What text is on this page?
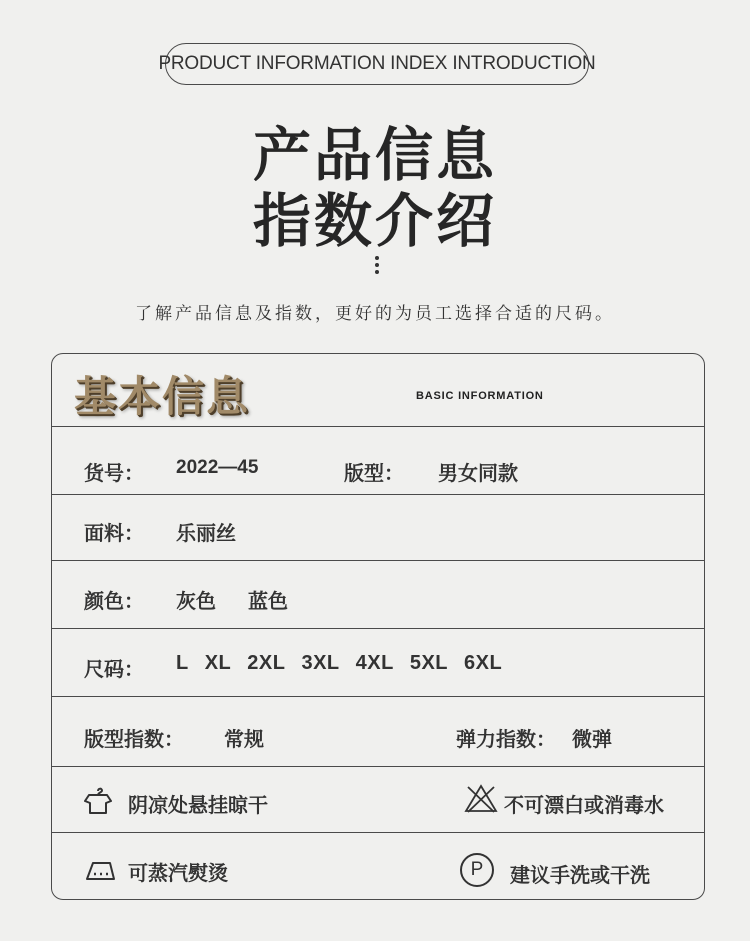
PRODUCT INFORMATION INDEX INTRODUCTION
产品信息
指数介绍
了解产品信息及指数，更好的为员工选择合适的尺码。
基本信息	BASIC INFORMATION
货号： 2022—45	版型： 男女同款
面料： 乐丽丝
颜色： 灰色 蓝色
尺码： L XL 2XL 3XL 4XL 5XL 6XL
版型指数： 常规	弹力指数： 微弹
阴凉处悬挂晾干	不可漂白或消毒水
可蒸汽熨烫	P	建议手洗或干洗
